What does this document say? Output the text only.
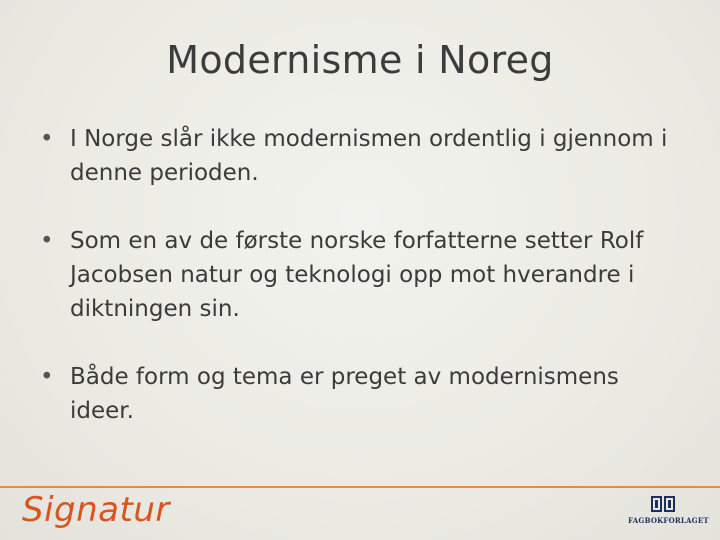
Modernisme i Noreg
• I Norge slår ikke modernismen ordentlig i gjennom i denne perioden.
• Som en av de første norske forfatterne setter Rolf Jacobsen natur og teknologi opp mot hverandre i diktningen sin.
• Både form og tema er preget av modernismens ideer.
Signatur	FAGBOKFORLAGET
